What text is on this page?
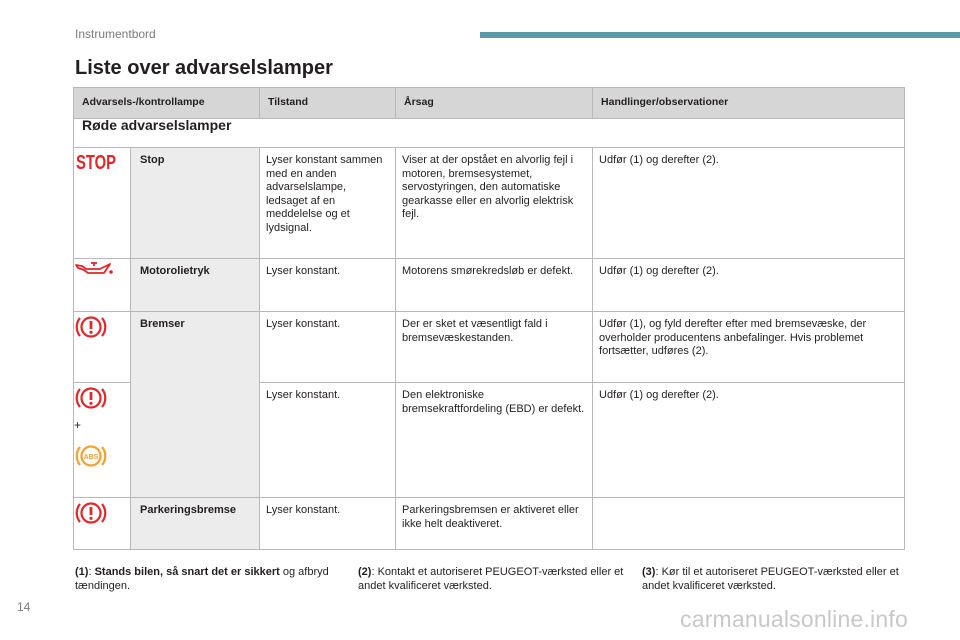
Instrumentbord
Liste over advarselslamper
Advarsels-/kontrollampe		Tilstand	Årsag	Handlinger/observationer
Røde advarselslamper				

STOP	Stop	Lyser konstant sammen med en anden advarselslampe, ledsaget af en meddelelse og et lydsignal.	Viser at der opstået en alvorlig fejl i motoren, bremsesystemet, servostyringen, den automatiske gearkasse eller en alvorlig elektrisk fejl.	Udfør (1) og derefter (2).
	Motorolietryk	Lyser konstant.	Motorens smørekredsløb er defekt.	Udfør (1) og derefter (2).
	Bremser	Lyser konstant.	Der er sket et væsentligt fald i bremsevæskestanden.	Udfør (1), og fyld derefter efter med bremsevæske, der overholder producentens anbefalinger. Hvis problemet fortsætter, udføres (2).

+
ABS		Lyser konstant.	Den elektroniske bremsekraftfordeling (EBD) er defekt.	Udfør (1) og derefter (2).
	Parkeringsbremse	Lyser konstant.	Parkeringsbremsen er aktiveret eller ikke helt deaktiveret.	
(1): Stands bilen, så snart det er sikkert og afbryd tændingen.
(2): Kontakt et autoriseret PEUGEOT-værksted eller et andet kvalificeret værksted.
(3): Kør til et autoriseret PEUGEOT-værksted eller et andet kvalificeret værksted.
14	carmanualsonline.info
